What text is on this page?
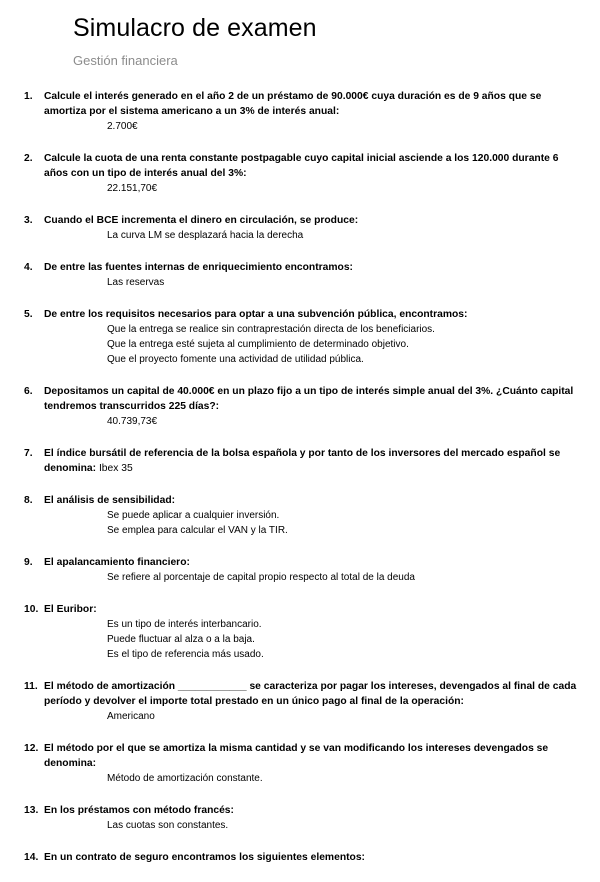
Simulacro de examen

Gestión financiera

1.	Calcule el interés generado en el año 2 de un préstamo de 90.000€ cuya duración es de 9 años que se amortiza por el sistema americano a un 3% de interés anual:
2.700€
2.	Calcule la cuota de una renta constante postpagable cuyo capital inicial asciende a los 120.000 durante 6 años con un tipo de interés anual del 3%:
22.151,70€
3.	Cuando el BCE incrementa el dinero en circulación, se produce:
La curva LM se desplazará hacia la derecha
4.	De entre las fuentes internas de enriquecimiento encontramos:
Las reservas
5.	De entre los requisitos necesarios para optar a una subvención pública, encontramos:
Que la entrega se realice sin contraprestación directa de los beneficiarios.
Que la entrega esté sujeta al cumplimiento de determinado objetivo.
Que el proyecto fomente una actividad de utilidad pública.
6.	Depositamos un capital de 40.000€ en un plazo fijo a un tipo de interés simple anual del 3%. ¿Cuánto capital tendremos transcurridos 225 días?:
40.739,73€
7.	El índice bursátil de referencia de la bolsa española y por tanto de los inversores del mercado español se denomina: Ibex 35
8.	El análisis de sensibilidad:
Se puede aplicar a cualquier inversión.
Se emplea para calcular el VAN y la TIR.
9.	El apalancamiento financiero:
Se refiere al porcentaje de capital propio respecto al total de la deuda
10. El Euribor:
Es un tipo de interés interbancario.
Puede fluctuar al alza o a la baja.
Es el tipo de referencia más usado.
11. El método de amortización ____________ se caracteriza por pagar los intereses, devengados al final de cada período y devolver el importe total prestado en un único pago al final de la operación:
Americano
12. El método por el que se amortiza la misma cantidad y se van modificando los intereses devengados se denomina:
Método de amortización constante.
13. En los préstamos con método francés:
Las cuotas son constantes.
14. En un contrato de seguro encontramos los siguientes elementos:
